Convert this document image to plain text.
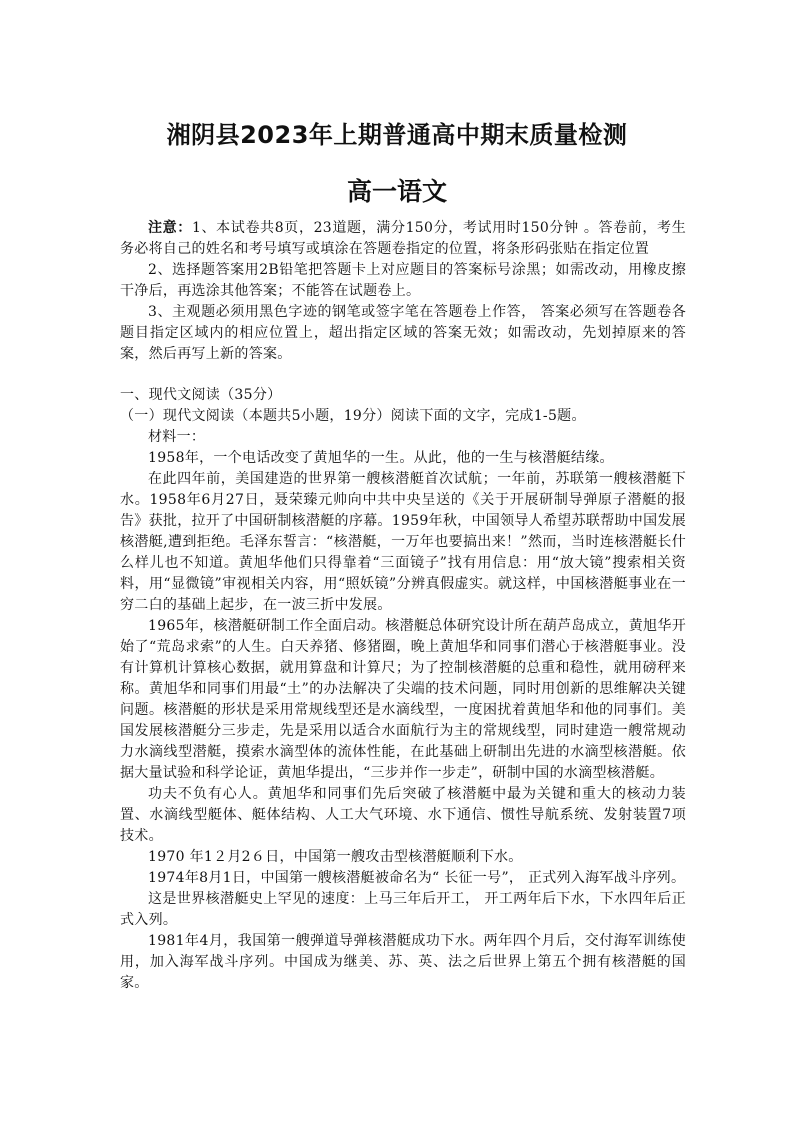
湘阴县2023年上期普通高中期末质量检测
高一语文

注意：1、本试卷共8页，23道题，满分150分，考试用时150分钟 。答卷前，考生务必将自己的姓名和考号填写或填涂在答题卷指定的位置，将条形码张贴在指定位置

2、选择题答案用2B铅笔把答题卡上对应题目的答案标号涂黑；如需改动，用橡皮擦干净后，再选涂其他答案；不能答在试题卷上。

3、主观题必须用黑色字迹的钢笔或签字笔在答题卷上作答， 答案必须写在答题卷各题目指定区域内的相应位置上，超出指定区域的答案无效；如需改动，先划掉原来的答案，然后再写上新的答案。

一、现代文阅读（35分）

（一）现代文阅读（本题共5小题，19分）阅读下面的文字，完成1-5题。

材料一：

1958年，一个电话改变了黄旭华的一生。从此，他的一生与核潜艇结缘。

在此四年前，美国建造的世界第一艘核潜艇首次试航；一年前，苏联第一艘核潜艇下水。1958年6月27日，聂荣臻元帅向中共中央呈送的《关于开展研制导弹原子潜艇的报告》获批，拉开了中国研制核潜艇的序幕。1959年秋，中国领导人希望苏联帮助中国发展核潜艇,遭到拒绝。毛泽东誓言：“核潜艇，一万年也要搞出来！”然而，当时连核潜艇长什么样儿也不知道。黄旭华他们只得靠着“三面镜子”找有用信息：用“放大镜”搜索相关资料，用“显微镜”审视相关内容，用“照妖镜”分辨真假虚实。就这样，中国核潜艇事业在一穷二白的基础上起步，在一波三折中发展。

1965年，核潜艇研制工作全面启动。核潜艇总体研究设计所在葫芦岛成立，黄旭华开始了“荒岛求索”的人生。白天养猪、修猪圈，晚上黄旭华和同事们潜心于核潜艇事业。没有计算机计算核心数据，就用算盘和计算尺；为了控制核潜艇的总重和稳性，就用磅秤来称。黄旭华和同事们用最“土”的办法解决了尖端的技术问题，同时用创新的思维解决关键问题。核潜艇的形状是采用常规线型还是水滴线型，一度困扰着黄旭华和他的同事们。美国发展核潜艇分三步走，先是采用以适合水面航行为主的常规线型，同时建造一艘常规动力水滴线型潜艇，摸索水滴型体的流体性能，在此基础上研制出先进的水滴型核潜艇。依据大量试验和科学论证，黄旭华提出，“三步并作一步走”，研制中国的水滴型核潜艇。

功夫不负有心人。黄旭华和同事们先后突破了核潜艇中最为关键和重大的核动力装置、水滴线型艇体、艇体结构、人工大气环境、水下通信、惯性导航系统、发射装置7项技术。

1970 年1２月2６日，中国第一艘攻击型核潜艇顺利下水。

1974年8月1日，中国第一艘核潜艇被命名为“ 长征一号”， 正式列入海军战斗序列。

这是世界核潜艇史上罕见的速度：上马三年后开工， 开工两年后下水，下水四年后正式入列。

1981年4月，我国第一艘弹道导弹核潜艇成功下水。两年四个月后，交付海军训练使用，加入海军战斗序列。中国成为继美、苏、英、法之后世界上第五个拥有核潜艇的国家。
